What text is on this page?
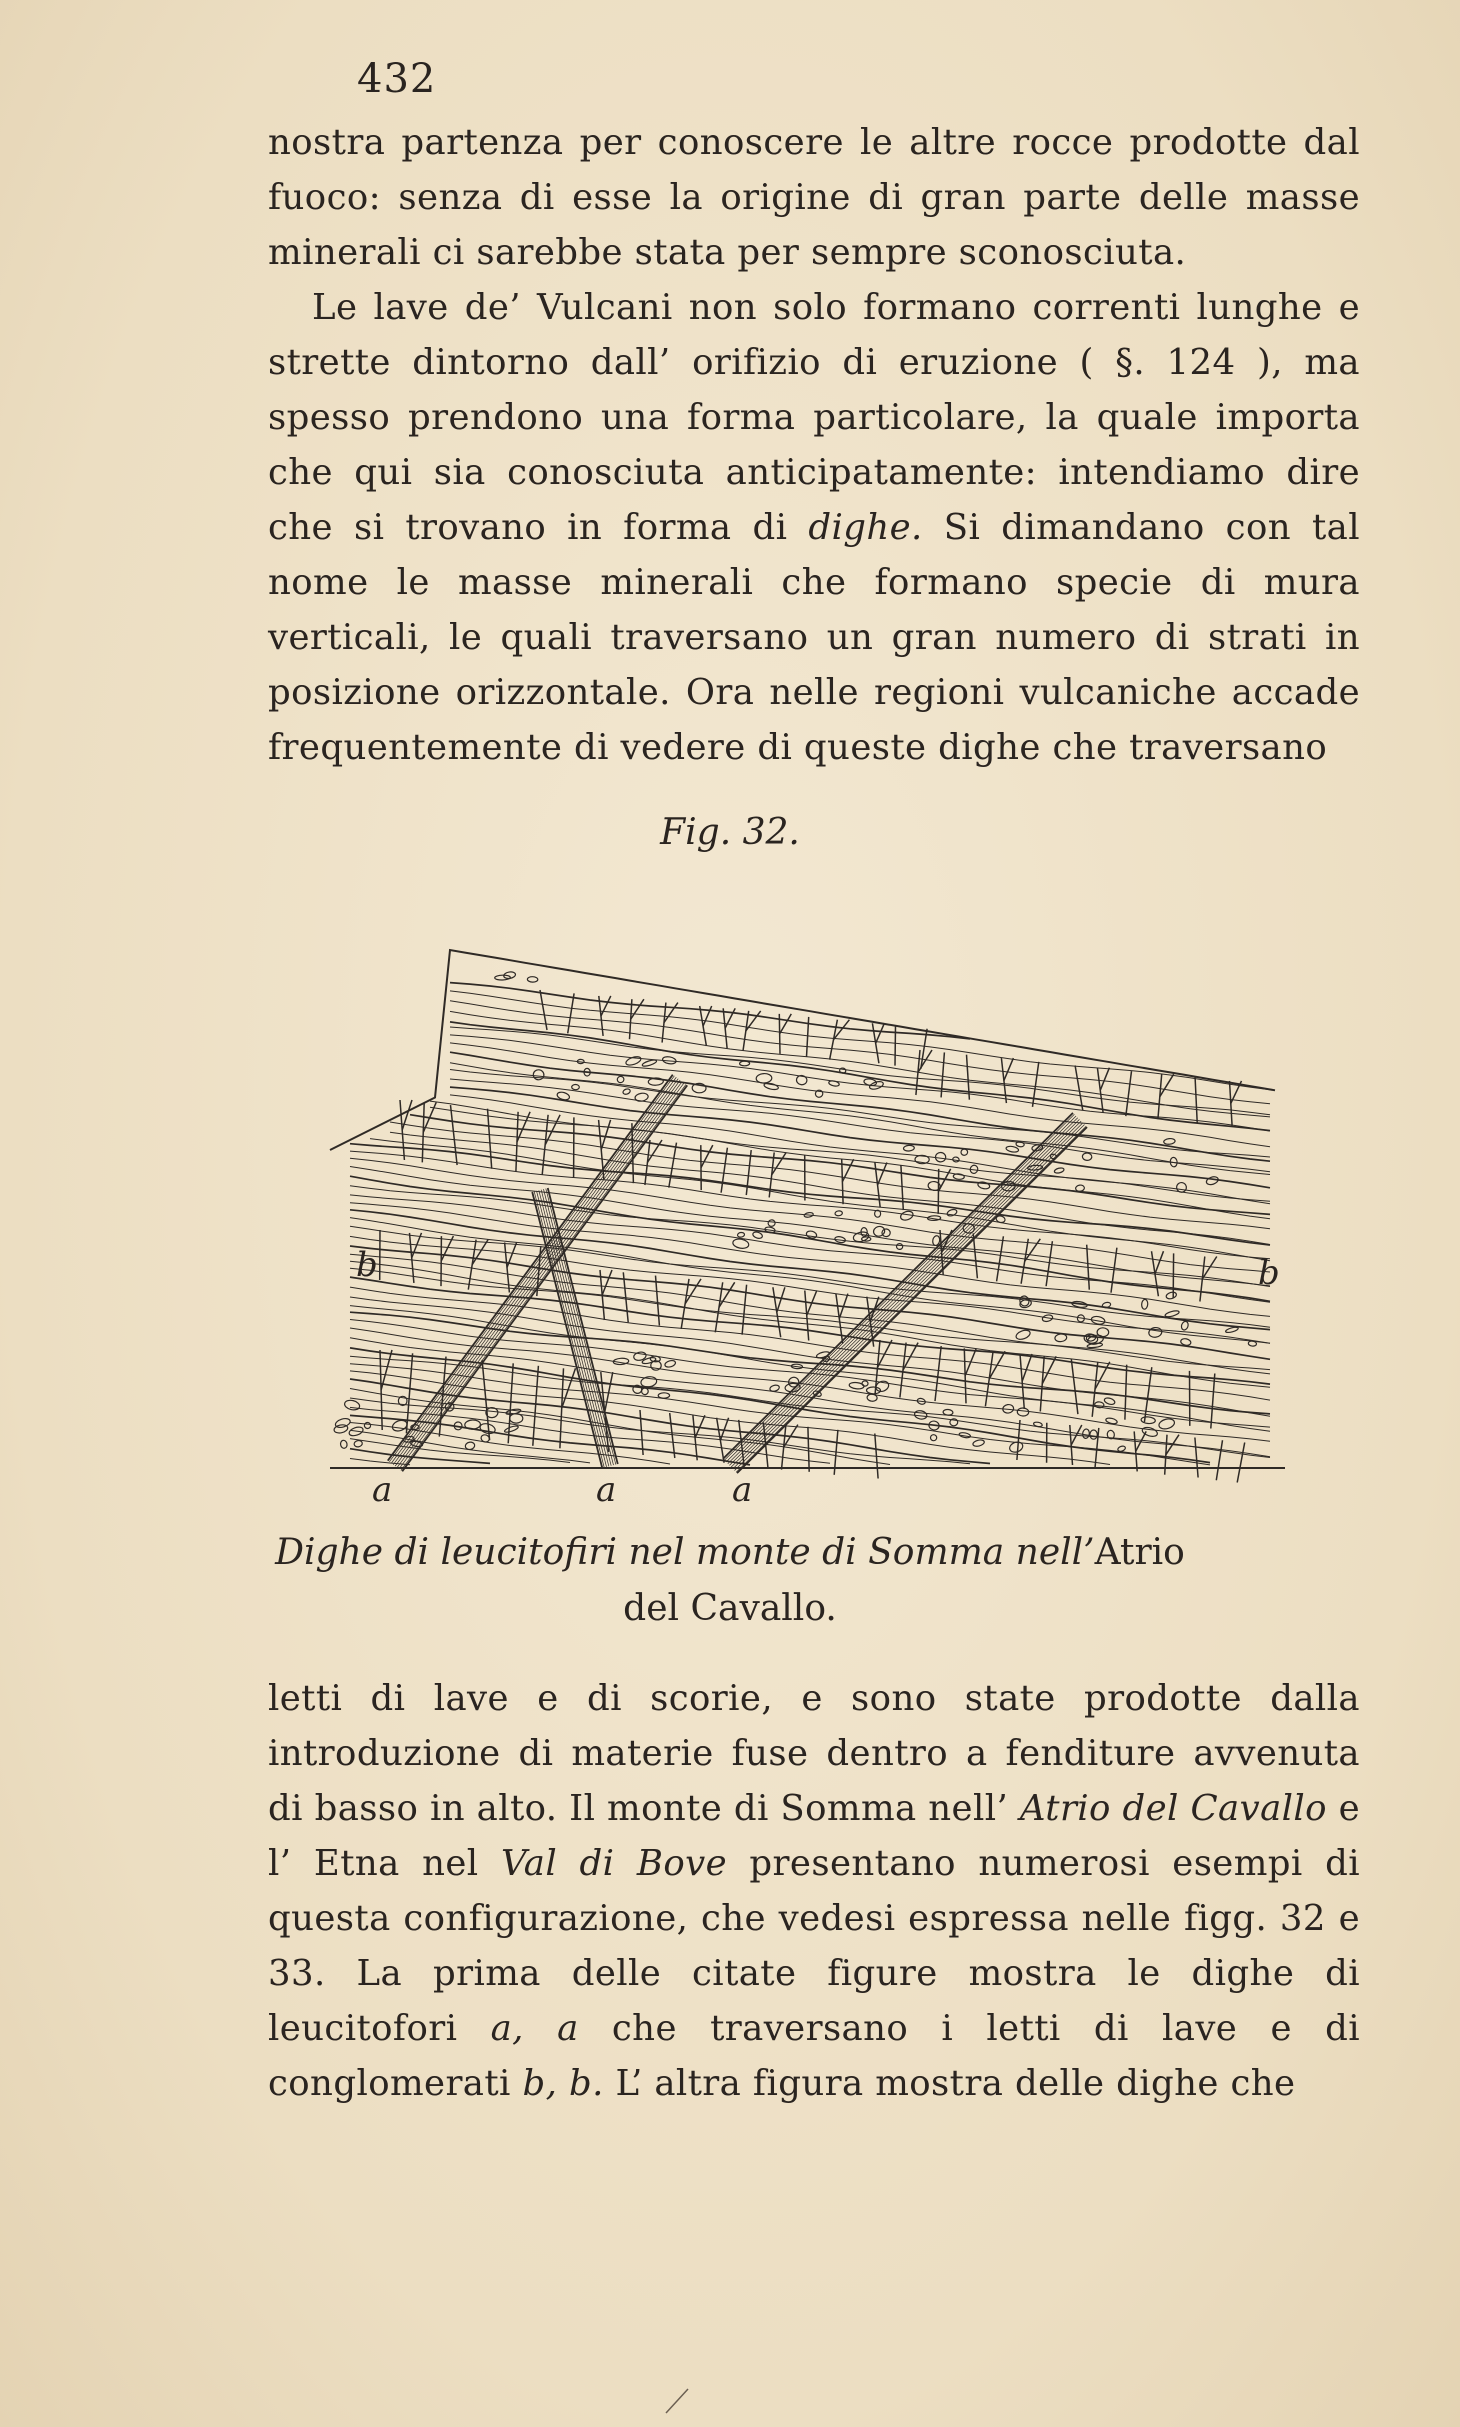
432

nostra partenza per conoscere le altre rocce prodotte dal fuoco: senza di esse la origine di gran parte delle masse minerali ci sarebbe stata per sempre sconosciuta.

Le lave de’ Vulcani non solo formano correnti lunghe e strette dintorno dall’ orifizio di eruzione ( §. 124 ), ma spesso prendono una forma particolare, la quale importa che qui sia conosciuta anticipatamente: intendiamo dire che si trovano in forma di dighe. Si dimandano con tal nome le masse minerali che formano specie di mura verticali, le quali traversano un gran numero di strati in posizione orizzontale. Ora nelle regioni vulcaniche accade frequentemente di vedere di queste dighe che traversano

Fig. 32.
b	b
a	a	a
Dighe di leucitofiri nel monte di Somma nell’Atrio
del Cavallo.

letti di lave e di scorie, e sono state prodotte dalla introduzione di materie fuse dentro a fenditure avvenuta di basso in alto. Il monte di Somma nell’ Atrio del Cavallo e l’ Etna nel Val di Bove presentano numerosi esempi di questa configurazione, che vedesi espressa nelle figg. 32 e 33. La prima delle citate figure mostra le dighe di leucitofori a, a che traversano i letti di lave e di conglomerati b, b. L’ altra figura mostra delle dighe che
